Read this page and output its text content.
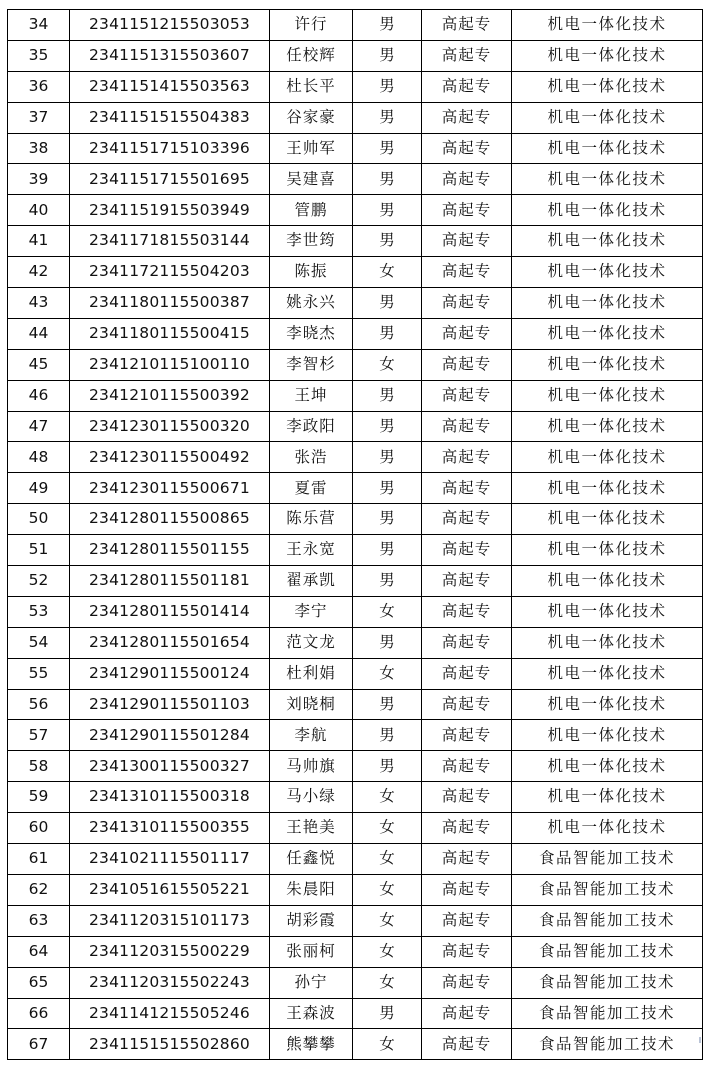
34	2341151215503053	许行	男	高起专	机电一体化技术
35	2341151315503607	任校辉	男	高起专	机电一体化技术
36	2341151415503563	杜长平	男	高起专	机电一体化技术
37	2341151515504383	谷家豪	男	高起专	机电一体化技术
38	2341151715103396	王帅军	男	高起专	机电一体化技术
39	2341151715501695	吴建喜	男	高起专	机电一体化技术
40	2341151915503949	管鹏	男	高起专	机电一体化技术
41	2341171815503144	李世筠	男	高起专	机电一体化技术
42	2341172115504203	陈振	女	高起专	机电一体化技术
43	2341180115500387	姚永兴	男	高起专	机电一体化技术
44	2341180115500415	李晓杰	男	高起专	机电一体化技术
45	2341210115100110	李智杉	女	高起专	机电一体化技术
46	2341210115500392	王坤	男	高起专	机电一体化技术
47	2341230115500320	李政阳	男	高起专	机电一体化技术
48	2341230115500492	张浩	男	高起专	机电一体化技术
49	2341230115500671	夏雷	男	高起专	机电一体化技术
50	2341280115500865	陈乐营	男	高起专	机电一体化技术
51	2341280115501155	王永宽	男	高起专	机电一体化技术
52	2341280115501181	翟承凯	男	高起专	机电一体化技术
53	2341280115501414	李宁	女	高起专	机电一体化技术
54	2341280115501654	范文龙	男	高起专	机电一体化技术
55	2341290115500124	杜利娟	女	高起专	机电一体化技术
56	2341290115501103	刘晓桐	男	高起专	机电一体化技术
57	2341290115501284	李航	男	高起专	机电一体化技术
58	2341300115500327	马帅旗	男	高起专	机电一体化技术
59	2341310115500318	马小绿	女	高起专	机电一体化技术
60	2341310115500355	王艳美	女	高起专	机电一体化技术
61	2341021115501117	任鑫悦	女	高起专	食品智能加工技术
62	2341051615505221	朱晨阳	女	高起专	食品智能加工技术
63	2341120315101173	胡彩霞	女	高起专	食品智能加工技术
64	2341120315500229	张丽柯	女	高起专	食品智能加工技术
65	2341120315502243	孙宁	女	高起专	食品智能加工技术
66	2341141215505246	王森波	男	高起专	食品智能加工技术
67	2341151515502860	熊攀攀	女	高起专	食品智能加工技术
